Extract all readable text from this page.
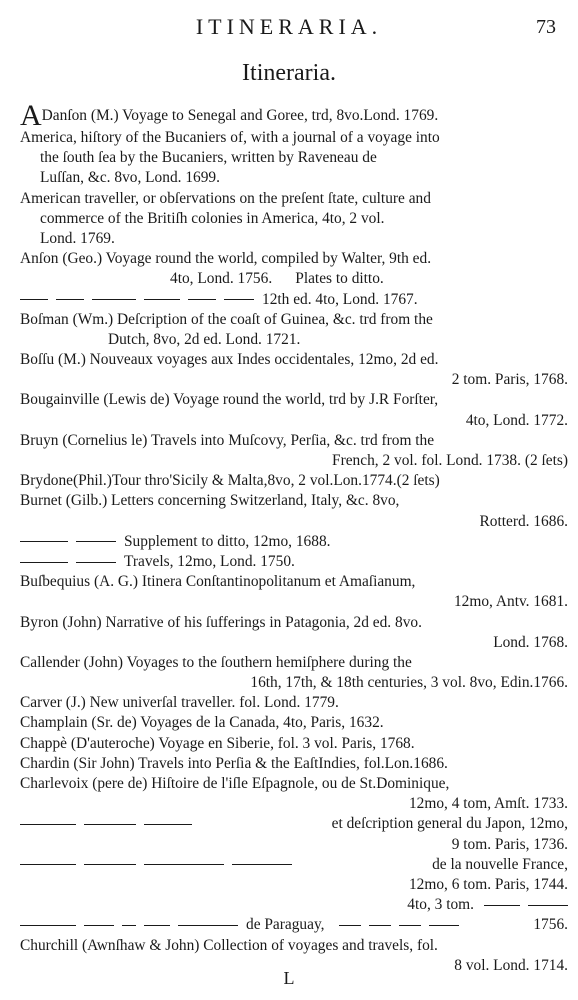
ITINERARIA.	73
Itineraria.
ADanſon (M.) Voyage to Senegal and Goree, trd, 8vo.Lond. 1769.
America, hiſtory of the Bucaniers of, with a journal of a voyage into
the ſouth ſea by the Bucaniers, written by Raveneau de
Luſſan, &c. 8vo, Lond. 1699.
American traveller, or obſervations on the preſent ſtate, culture and
commerce of the Britiſh colonies in America, 4to, 2 vol.
Lond. 1769.
Anſon (Geo.) Voyage round the world, compiled by Walter, 9th ed.
4to, Lond. 1756.      Plates to ditto.
12th ed. 4to, Lond. 1767.
Boſman (Wm.) Deſcription of the coaſt of Guinea, &c. trd from the
Dutch, 8vo, 2d ed. Lond. 1721.
Boſſu (M.) Nouveaux voyages aux Indes occidentales, 12mo, 2d ed.
2 tom. Paris, 1768.
Bougainville (Lewis de) Voyage round the world, trd by J.R Forſter,
4to, Lond. 1772.
Bruyn (Cornelius le) Travels into Muſcovy, Perſia, &c. trd from the
French, 2 vol. fol. Lond. 1738. (2 ſets)
Brydone(Phil.)Tour thro'Sicily & Malta,8vo, 2 vol.Lon.1774.(2 ſets)
Burnet (Gilb.) Letters concerning Switzerland, Italy, &c. 8vo,
Rotterd. 1686.
Supplement to ditto, 12mo, 1688.
Travels, 12mo, Lond. 1750.
Buſbequius (A. G.) Itinera Conſtantinopolitanum et Amaſianum,
12mo, Antv. 1681.
Byron (John) Narrative of his ſufferings in Patagonia, 2d ed. 8vo.
Lond. 1768.
Callender (John) Voyages to the ſouthern hemiſphere during the
16th, 17th, & 18th centuries, 3 vol. 8vo, Edin.1766.
Carver (J.) New univerſal traveller. fol. Lond. 1779.
Champlain (Sr. de) Voyages de la Canada, 4to, Paris, 1632.
Chappè (D'auteroche) Voyage en Siberie, fol. 3 vol. Paris, 1768.
Chardin (Sir John) Travels into Perſia & the EaſtIndies, fol.Lon.1686.
Charlevoix (pere de) Hiſtoire de l'iſle Eſpagnole, ou de St.Dominique,
12mo, 4 tom, Amſt. 1733.
et deſcription general du Japon, 12mo,
9 tom. Paris, 1736.
de la nouvelle France,
12mo, 6 tom. Paris, 1744.
4to, 3 tom.
de Paraguay,	1756.
Churchill (Awnſhaw & John) Collection of voyages and travels, fol.
8 vol. Lond. 1714.
L
